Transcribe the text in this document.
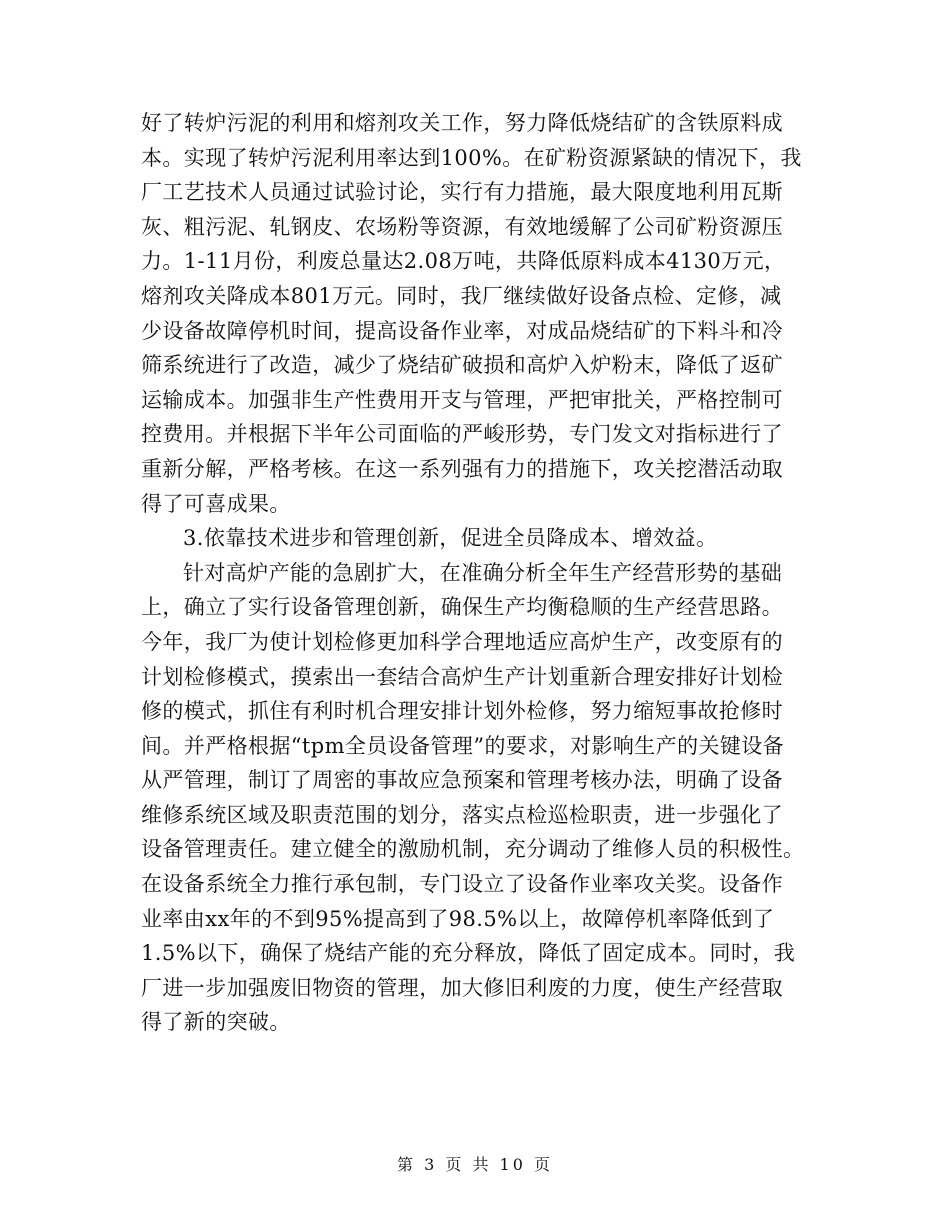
好了转炉污泥的利用和熔剂攻关工作，努力降低烧结矿的含铁原料成
本。实现了转炉污泥利用率达到100%。在矿粉资源紧缺的情况下，我
厂工艺技术人员通过试验讨论，实行有力措施，最大限度地利用瓦斯
灰、粗污泥、轧钢皮、农场粉等资源，有效地缓解了公司矿粉资源压
力。1-11月份，利废总量达2.08万吨，共降低原料成本4130万元，
熔剂攻关降成本801万元。同时，我厂继续做好设备点检、定修，减
少设备故障停机时间，提高设备作业率，对成品烧结矿的下料斗和冷
筛系统进行了改造，减少了烧结矿破损和高炉入炉粉末，降低了返矿
运输成本。加强非生产性费用开支与管理，严把审批关，严格控制可
控费用。并根据下半年公司面临的严峻形势，专门发文对指标进行了
重新分解，严格考核。在这一系列强有力的措施下，攻关挖潜活动取
得了可喜成果。
3.依靠技术进步和管理创新，促进全员降成本、增效益。
针对高炉产能的急剧扩大，在准确分析全年生产经营形势的基础
上，确立了实行设备管理创新，确保生产均衡稳顺的生产经营思路。
今年，我厂为使计划检修更加科学合理地适应高炉生产，改变原有的
计划检修模式，摸索出一套结合高炉生产计划重新合理安排好计划检
修的模式，抓住有利时机合理安排计划外检修，努力缩短事故抢修时
间。并严格根据“tpm全员设备管理”的要求，对影响生产的关键设备
从严管理，制订了周密的事故应急预案和管理考核办法，明确了设备
维修系统区域及职责范围的划分，落实点检巡检职责，进一步强化了
设备管理责任。建立健全的激励机制，充分调动了维修人员的积极性。
在设备系统全力推行承包制，专门设立了设备作业率攻关奖。设备作
业率由xx年的不到95%提高到了98.5%以上，故障停机率降低到了
1.5%以下，确保了烧结产能的充分释放，降低了固定成本。同时，我
厂进一步加强废旧物资的管理，加大修旧利废的力度，使生产经营取
得了新的突破。
第 3 页 共 10 页
